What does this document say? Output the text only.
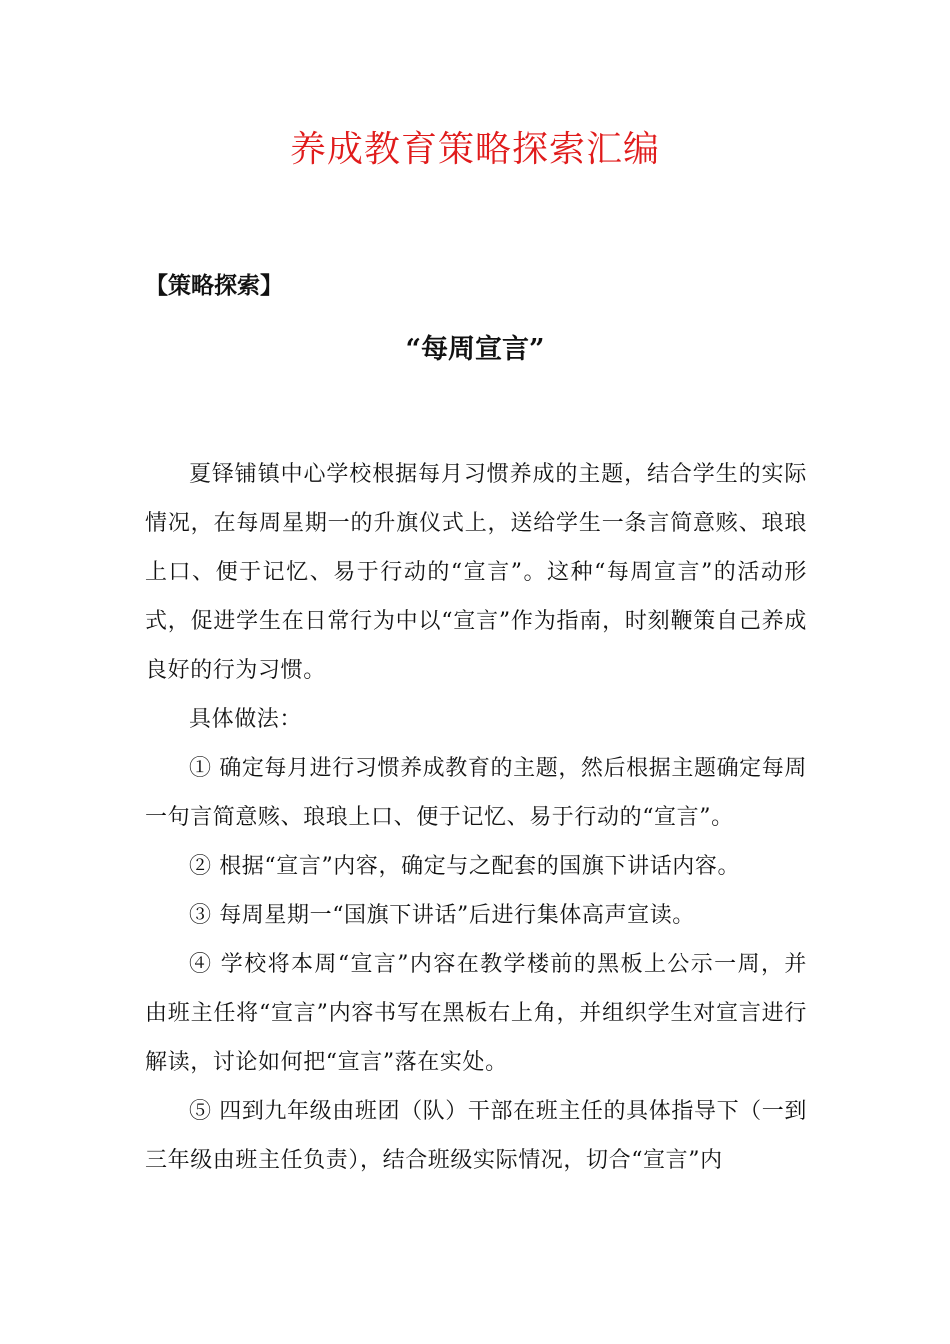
养成教育策略探索汇编
【策略探索】
“每周宣言”

夏铎铺镇中心学校根据每月习惯养成的主题，结合学生的实际情况，在每周星期一的升旗仪式上，送给学生一条言简意赅、琅琅上口、便于记忆、易于行动的“宣言”。这种“每周宣言”的活动形式，促进学生在日常行为中以“宣言”作为指南，时刻鞭策自己养成良好的行为习惯。

具体做法：

① 确定每月进行习惯养成教育的主题，然后根据主题确定每周一句言简意赅、琅琅上口、便于记忆、易于行动的“宣言”。

② 根据“宣言”内容，确定与之配套的国旗下讲话内容。

③ 每周星期一“国旗下讲话”后进行集体高声宣读。

④ 学校将本周“宣言”内容在教学楼前的黑板上公示一周，并由班主任将“宣言”内容书写在黑板右上角，并组织学生对宣言进行解读，讨论如何把“宣言”落在实处。

⑤ 四到九年级由班团（队）干部在班主任的具体指导下（一到三年级由班主任负责），结合班级实际情况，切合“宣言”内
